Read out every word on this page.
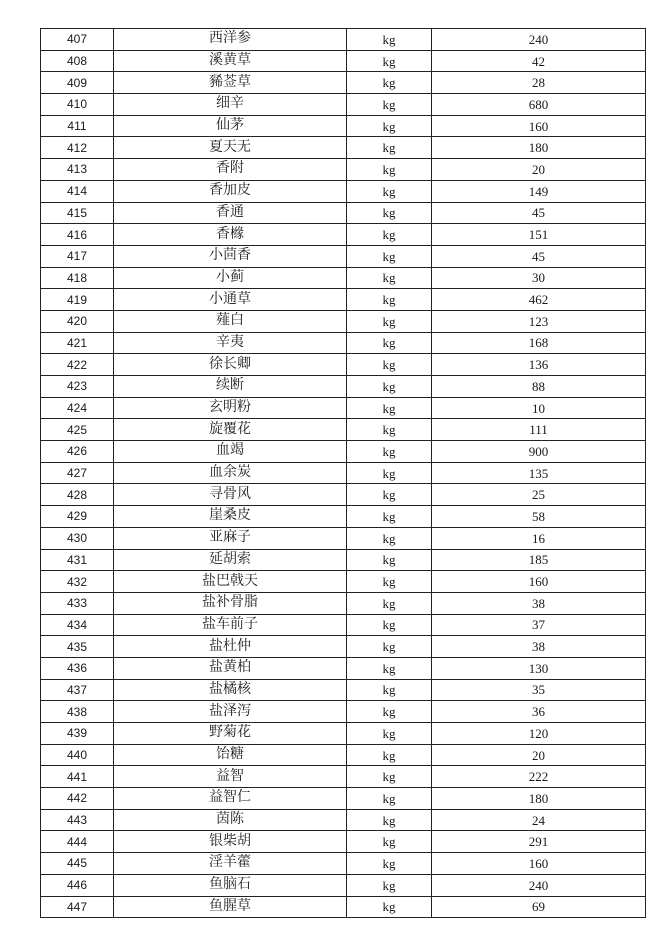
407	西洋参	kg	240
408	溪黄草	kg	42
409	豨莶草	kg	28
410	细辛	kg	680
411	仙茅	kg	160
412	夏天无	kg	180
413	香附	kg	20
414	香加皮	kg	149
415	香通	kg	45
416	香橼	kg	151
417	小茴香	kg	45
418	小蓟	kg	30
419	小通草	kg	462
420	薤白	kg	123
421	辛夷	kg	168
422	徐长卿	kg	136
423	续断	kg	88
424	玄明粉	kg	10
425	旋覆花	kg	111
426	血竭	kg	900
427	血余炭	kg	135
428	寻骨风	kg	25
429	崖桑皮	kg	58
430	亚麻子	kg	16
431	延胡索	kg	185
432	盐巴戟天	kg	160
433	盐补骨脂	kg	38
434	盐车前子	kg	37
435	盐杜仲	kg	38
436	盐黄柏	kg	130
437	盐橘核	kg	35
438	盐泽泻	kg	36
439	野菊花	kg	120
440	饴糖	kg	20
441	益智	kg	222
442	益智仁	kg	180
443	茵陈	kg	24
444	银柴胡	kg	291
445	淫羊藿	kg	160
446	鱼脑石	kg	240
447	鱼腥草	kg	69
